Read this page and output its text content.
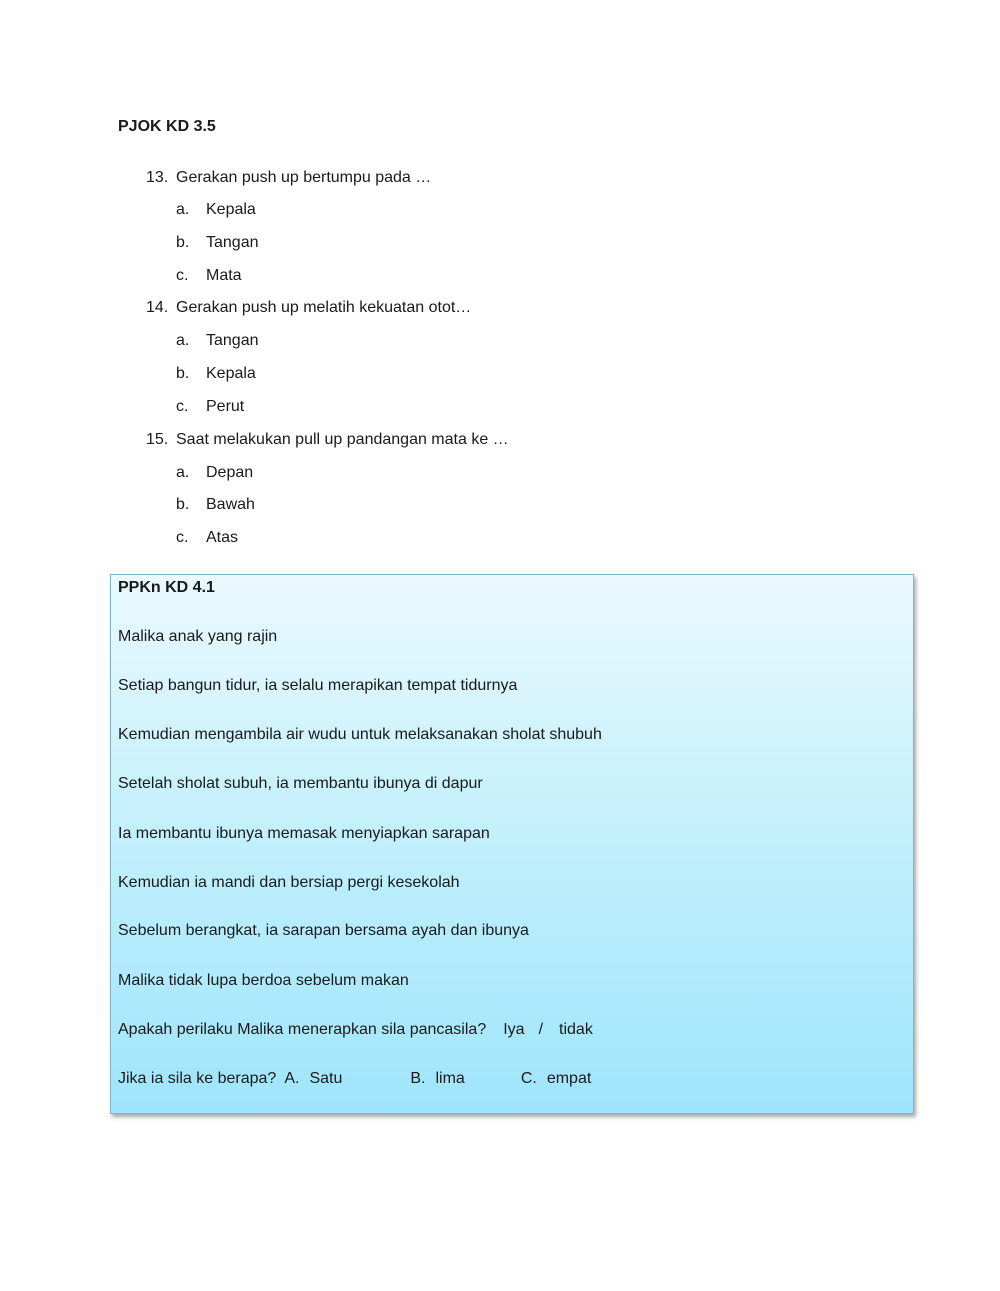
PJOK KD 3.5
13. Gerakan push up bertumpu pada …
a. Kepala
b. Tangan
c. Mata
14. Gerakan push up melatih kekuatan otot…
a. Tangan
b. Kepala
c. Perut
15. Saat melakukan pull up pandangan mata ke …
a. Depan
b. Bawah
c. Atas
PPKn KD 4.1
Malika anak yang rajin
Setiap bangun tidur, ia selalu merapikan tempat tidurnya
Kemudian mengambila air wudu untuk melaksanakan sholat shubuh
Setelah sholat subuh, ia membantu ibunya di dapur
Ia membantu ibunya memasak menyiapkan sarapan
Kemudian ia mandi dan bersiap pergi kesekolah
Sebelum berangkat, ia sarapan bersama ayah dan ibunya
Malika tidak lupa berdoa sebelum makan
Apakah perilaku Malika menerapkan sila pancasila? Iya / tidak
Jika ia sila ke berapa? A. Satu	B. lima	C. empat
